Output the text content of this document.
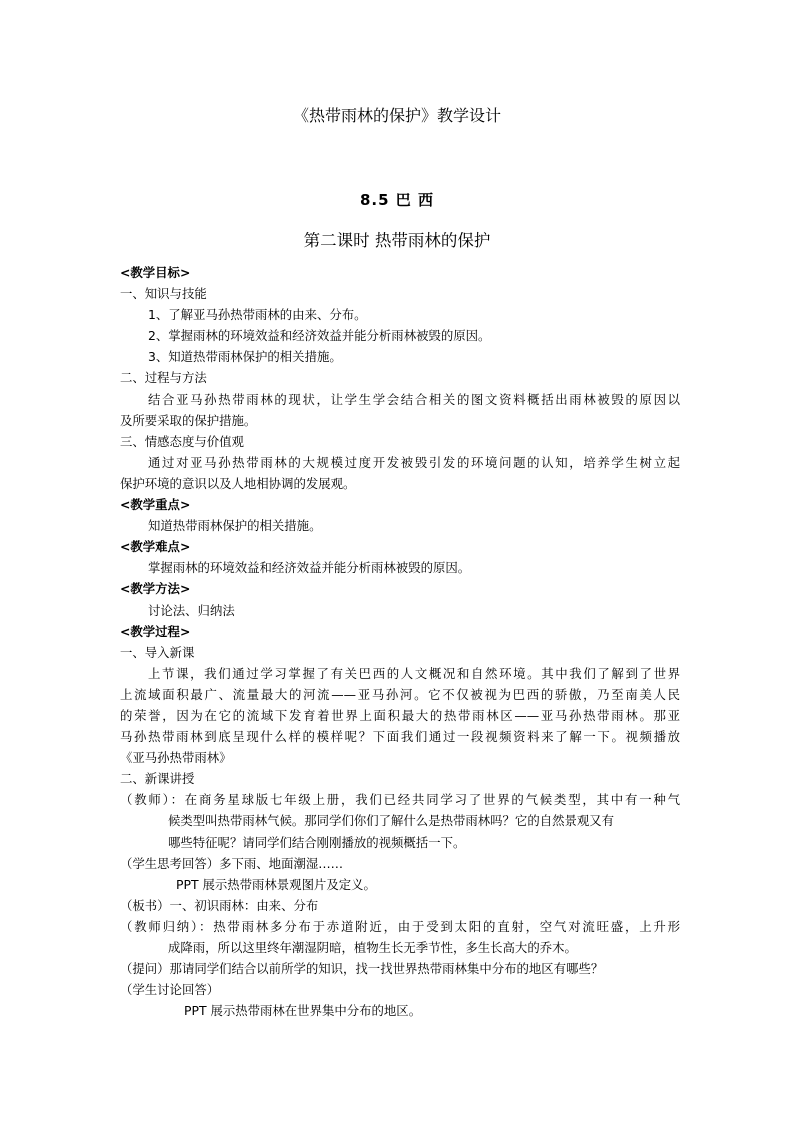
《热带雨林的保护》教学设计
8.5 巴 西
第二课时 热带雨林的保护
<教学目标>
一、知识与技能
1、了解亚马孙热带雨林的由来、分布。
2、掌握雨林的环境效益和经济效益并能分析雨林被毁的原因。
3、知道热带雨林保护的相关措施。
二、过程与方法
结合亚马孙热带雨林的现状，让学生学会结合相关的图文资料概括出雨林被毁的原因以
及所要采取的保护措施。
三、情感态度与价值观
通过对亚马孙热带雨林的大规模过度开发被毁引发的环境问题的认知，培养学生树立起
保护环境的意识以及人地相协调的发展观。
<教学重点>
知道热带雨林保护的相关措施。
<教学难点>
掌握雨林的环境效益和经济效益并能分析雨林被毁的原因。
<教学方法>
讨论法、归纳法
<教学过程>
一、导入新课
上节课，我们通过学习掌握了有关巴西的人文概况和自然环境。其中我们了解到了世界
上流域面积最广、流量最大的河流——亚马孙河。它不仅被视为巴西的骄傲，乃至南美人民
的荣誉，因为在它的流域下发育着世界上面积最大的热带雨林区——亚马孙热带雨林。那亚
马孙热带雨林到底呈现什么样的模样呢？下面我们通过一段视频资料来了解一下。视频播放
《亚马孙热带雨林》
二、新课讲授
（教师）：在商务星球版七年级上册，我们已经共同学习了世界的气候类型，其中有一种气
候类型叫热带雨林气候。那同学们你们了解什么是热带雨林吗？它的自然景观又有
哪些特征呢？请同学们结合刚刚播放的视频概括一下。
（学生思考回答）多下雨、地面潮湿……
PPT 展示热带雨林景观图片及定义。
（板书）一、初识雨林：由来、分布
（教师归纳）：热带雨林多分布于赤道附近，由于受到太阳的直射，空气对流旺盛，上升形
成降雨，所以这里终年潮湿阴暗，植物生长无季节性，多生长高大的乔木。
（提问）那请同学们结合以前所学的知识，找一找世界热带雨林集中分布的地区有哪些？
（学生讨论回答）
PPT 展示热带雨林在世界集中分布的地区。
